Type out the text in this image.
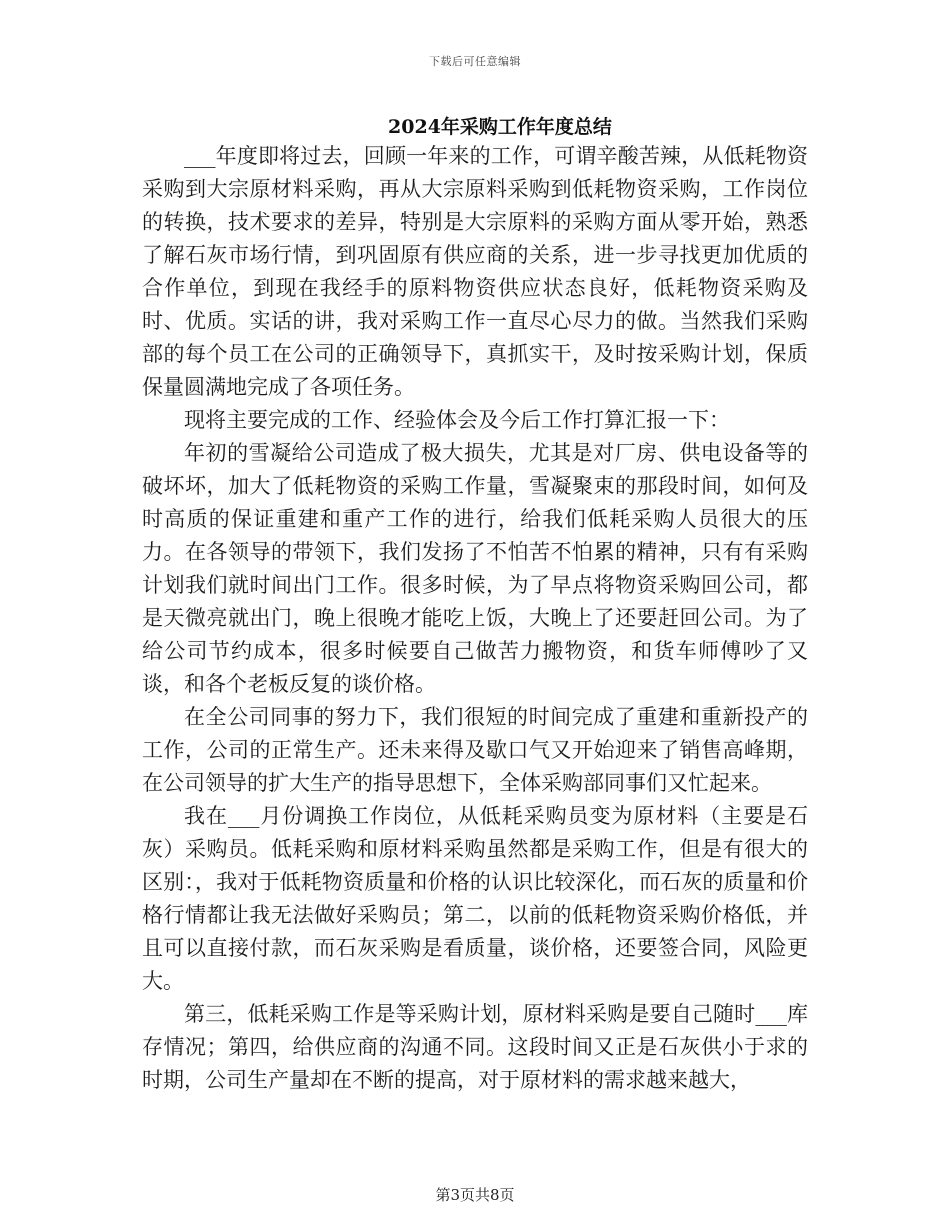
下载后可任意编辑
2024年采购工作年度总结

___年度即将过去，回顾一年来的工作，可谓辛酸苦辣，从低耗物资采购到大宗原材料采购，再从大宗原料采购到低耗物资采购，工作岗位的转换，技术要求的差异，特别是大宗原料的采购方面从零开始，熟悉了解石灰市场行情，到巩固原有供应商的关系，进一步寻找更加优质的合作单位，到现在我经手的原料物资供应状态良好，低耗物资采购及时、优质。实话的讲，我对采购工作一直尽心尽力的做。当然我们采购部的每个员工在公司的正确领导下，真抓实干，及时按采购计划，保质保量圆满地完成了各项任务。

现将主要完成的工作、经验体会及今后工作打算汇报一下：

年初的雪凝给公司造成了极大损失，尤其是对厂房、供电设备等的破坏坏，加大了低耗物资的采购工作量，雪凝聚束的那段时间，如何及时高质的保证重建和重产工作的进行，给我们低耗采购人员很大的压力。在各领导的带领下，我们发扬了不怕苦不怕累的精神，只有有采购计划我们就时间出门工作。很多时候，为了早点将物资采购回公司，都是天微亮就出门，晚上很晚才能吃上饭，大晚上了还要赶回公司。为了给公司节约成本，很多时候要自己做苦力搬物资，和货车师傅吵了又谈，和各个老板反复的谈价格。

在全公司同事的努力下，我们很短的时间完成了重建和重新投产的工作，公司的正常生产。还未来得及歇口气又开始迎来了销售高峰期，在公司领导的扩大生产的指导思想下，全体采购部同事们又忙起来。

我在___月份调换工作岗位，从低耗采购员变为原材料（主要是石灰）采购员。低耗采购和原材料采购虽然都是采购工作，但是有很大的区别：，我对于低耗物资质量和价格的认识比较深化，而石灰的质量和价格行情都让我无法做好采购员；第二，以前的低耗物资采购价格低，并且可以直接付款，而石灰采购是看质量，谈价格，还要签合同，风险更大。

第三，低耗采购工作是等采购计划，原材料采购是要自己随时___库存情况；第四，给供应商的沟通不同。这段时间又正是石灰供小于求的时期，公司生产量却在不断的提高，对于原材料的需求越来越大，

第3页共8页
